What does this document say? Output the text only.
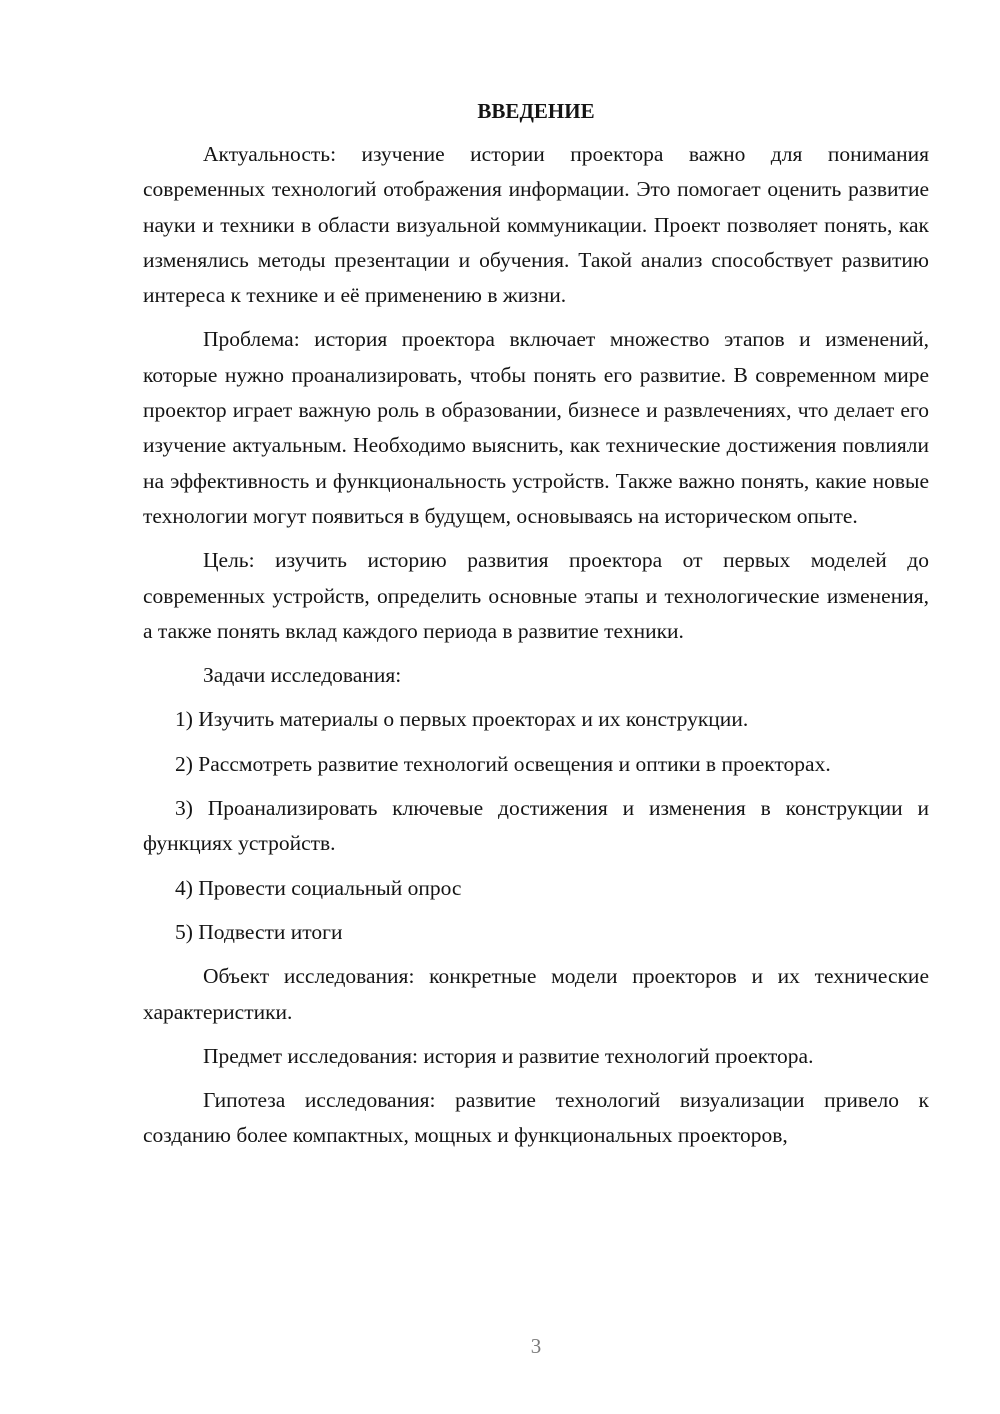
ВВЕДЕНИЕ

Актуальность: изучение истории проектора важно для понимания современных технологий отображения информации. Это помогает оценить развитие науки и техники в области визуальной коммуникации. Проект позволяет понять, как изменялись методы презентации и обучения. Такой анализ способствует развитию интереса к технике и её применению в жизни.

Проблема: история проектора включает множество этапов и изменений, которые нужно проанализировать, чтобы понять его развитие. В современном мире проектор играет важную роль в образовании, бизнесе и развлечениях, что делает его изучение актуальным. Необходимо выяснить, как технические достижения повлияли на эффективность и функциональность устройств. Также важно понять, какие новые технологии могут появиться в будущем, основываясь на историческом опыте.

Цель: изучить историю развития проектора от первых моделей до современных устройств, определить основные этапы и технологические изменения, а также понять вклад каждого периода в развитие техники.

Задачи исследования:

1) Изучить материалы о первых проекторах и их конструкции.

2) Рассмотреть развитие технологий освещения и оптики в проекторах.

3) Проанализировать ключевые достижения и изменения в конструкции и функциях устройств.

4) Провести социальный опрос

5) Подвести итоги

Объект исследования: конкретные модели проекторов и их технические характеристики.

Предмет исследования: история и развитие технологий проектора.

Гипотеза исследования: развитие технологий визуализации привело к созданию более компактных, мощных и функциональных проекторов,

3
